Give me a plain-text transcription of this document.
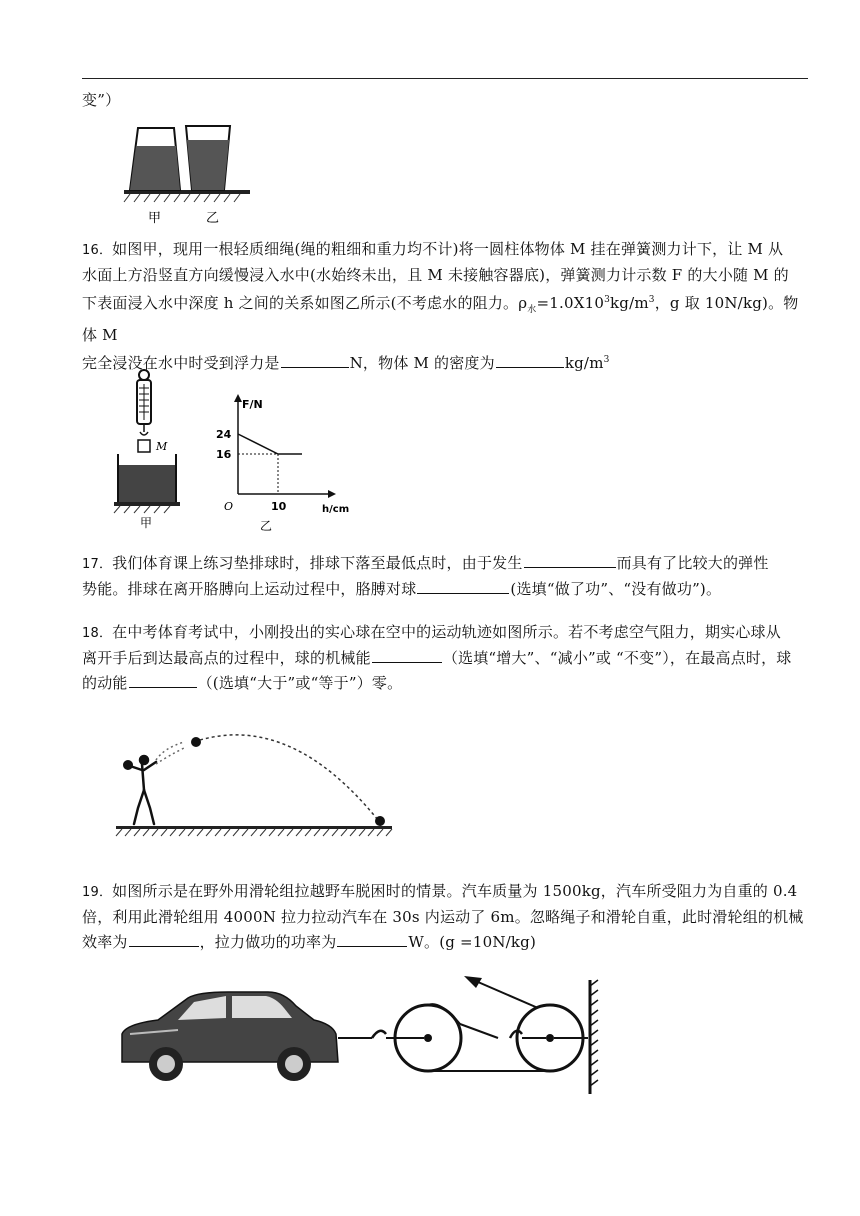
变”）
甲	乙
16．如图甲，现用一根轻质细绳(绳的粗细和重力均不计)将一圆柱体物体 M 挂在弹簧测力计下，让 M 从
水面上方沿竖直方向缓慢浸入水中(水始终未出，且 M 未接触容器底)，弹簧测力计示数 F 的大小随 M 的
下表面浸入水中深度 h 之间的关系如图乙所示(不考虑水的阻力。$\rho_水=1.0X10^3kg/m^3$，g 取 10N/kg)。物体 M
完全浸没在水中时受到浮力是	N，物体 M 的密度为	$kg/m^3$
M
甲
F/N
h/cm
O
24
16
10
乙
17．我们体育课上练习垫排球时，排球下落至最低点时，由于发生	而具有了比较大的弹性
势能。排球在离开胳膊向上运动过程中，胳膊对球	(选填“做了功”、“没有做功”)。
18．在中考体育考试中，小刚投出的实心球在空中的运动轨迹如图所示。若不考虑空气阻力，期实心球从
离开手后到达最高点的过程中，球的机械能	（选填“增大”、“减小”或 “不变”），在最高点时，球
的动能	（(选填“大于”或“等于”）零。
19．如图所示是在野外用滑轮组拉越野车脱困时的情景。汽车质量为 1500kg，汽车所受阻力为自重的 0.4
倍，利用此滑轮组用 4000N 拉力拉动汽车在 30s 内运动了 6m。忽略绳子和滑轮自重，此时滑轮组的机械
效率为	，拉力做功的功率为	W。(g =10N/kg)
